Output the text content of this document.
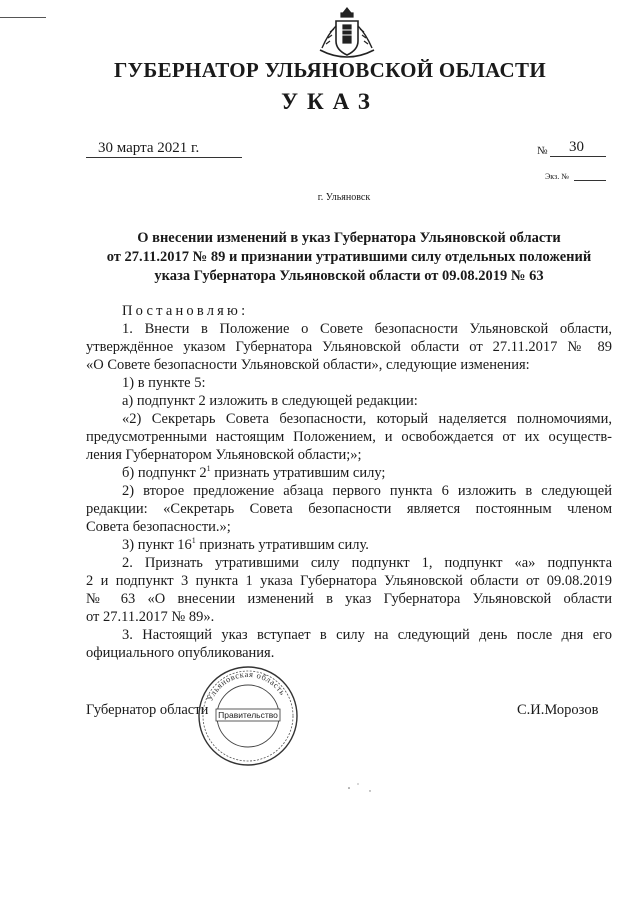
ГУБЕРНАТОР УЛЬЯНОВСКОЙ ОБЛАСТИ
УКАЗ
30 марта 2021 г.	№ 30
Экз. №
г. Ульяновск
О внесении изменений в указ Губернатора Ульяновской области
от 27.11.2017 № 89 и признании утратившими силу отдельных положений
указа Губернатора Ульяновской области от 09.08.2019 № 63
Постановляю:
1. Внести в Положение о Совете безопасности Ульяновской области,
утверждённое указом Губернатора Ульяновской области от 27.11.2017 № 89
«О Совете безопасности Ульяновской области», следующие изменения:
1) в пункте 5:
а) подпункт 2 изложить в следующей редакции:
«2) Секретарь Совета безопасности, который наделяется полномочиями,
предусмотренными настоящим Положением, и освобождается от их осуществ-
ления Губернатором Ульяновской области;»;
б) подпункт $2^1$ признать утратившим силу;
2) второе предложение абзаца первого пункта 6 изложить в следующей
редакции: «Секретарь Совета безопасности является постоянным членом
Совета безопасности.»;
3) пункт $16^1$ признать утратившим силу.
2. Признать утратившими силу подпункт 1, подпункт «а» подпункта
2 и подпункт 3 пункта 1 указа Губернатора Ульяновской области от 09.08.2019
№ 63 «О внесении изменений в указ Губернатора Ульяновской области
от 27.11.2017 № 89».
3. Настоящий указ вступает в силу на следующий день после дня его
официального опубликования.
Губернатор области	С.И.Морозов
Ульяновская область
Правительство
